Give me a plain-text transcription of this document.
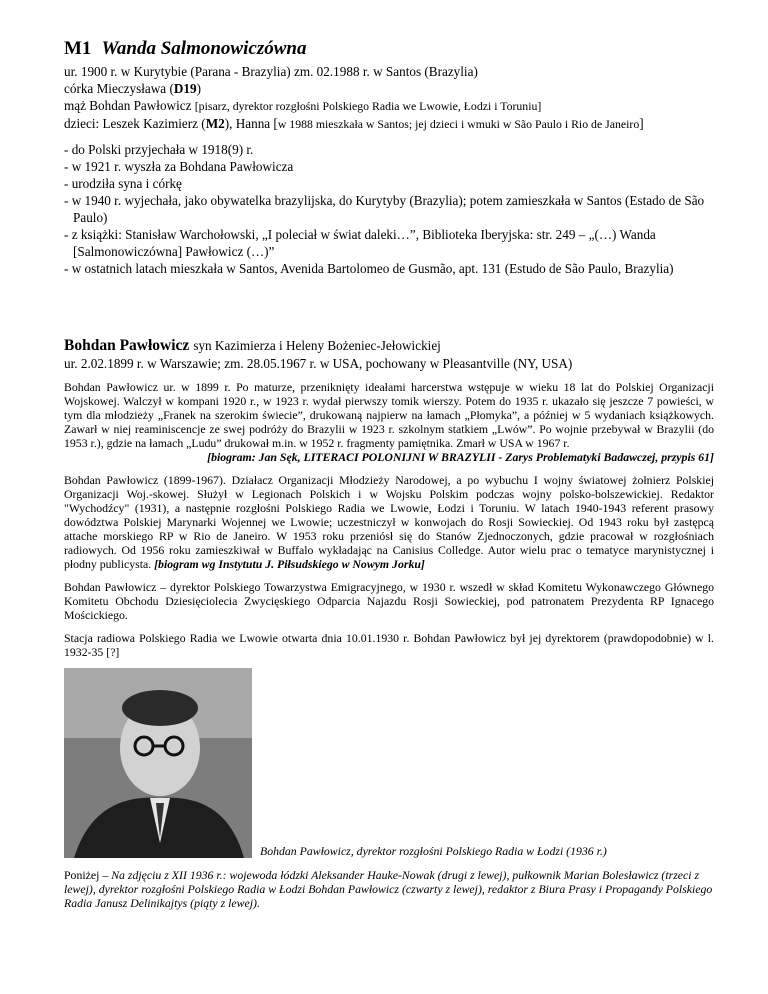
M1 Wanda Salmonowiczówna
ur. 1900 r. w Kurytybie (Parana - Brazylia) zm. 02.1988 r. w Santos (Brazylia)
córka Mieczysława (D19)
mąż Bohdan Pawłowicz [pisarz, dyrektor rozgłośni Polskiego Radia we Lwowie, Łodzi i Toruniu]
dzieci: Leszek Kazimierz (M2), Hanna [w 1988 mieszkała w Santos; jej dzieci i wmuki w São Paulo i Rio de Janeiro]
- do Polski przyjechała w 1918(9) r.
- w 1921 r. wyszła za Bohdana Pawłowicza
- urodziła syna i córkę
- w 1940 r. wyjechała, jako obywatelka brazylijska, do Kurytyby (Brazylia); potem zamieszkała w Santos (Estado de São Paulo)
- z książki: Stanisław Warchołowski, „I poleciał w świat daleki…”, Biblioteka Iberyjska: str. 249 – „(…) Wanda [Salmonowiczówna] Pawłowicz (…)”
- w ostatnich latach mieszkała w Santos, Avenida Bartolomeo de Gusmão, apt. 131 (Estudo de São Paulo, Brazylia)
Bohdan Pawłowicz syn Kazimierza i Heleny Bożeniec-Jełowickiej
ur. 2.02.1899 r. w Warszawie; zm. 28.05.1967 r. w USA, pochowany w Pleasantville (NY, USA)

Bohdan Pawłowicz ur. w 1899 r. Po maturze, przeniknięty ideałami harcerstwa wstępuje w wieku 18 lat do Polskiej Organizacji Wojskowej. Walczył w kompani 1920 r., w 1923 r. wydał pierwszy tomik wierszy. Potem do 1935 r. ukazało się jeszcze 7 powieści, w tym dla młodzieży „Franek na szerokim świecie”, drukowaną najpierw na łamach „Płomyka”, a później w 5 wydaniach książkowych. Zawarł w niej reaminiscencje ze swej podróży do Brazylii w 1923 r. szkolnym statkiem „Lwów”. Po wojnie przebywał w Brazylii (do 1953 r.), gdzie na łamach „Ludu” drukował m.in. w 1952 r. fragmenty pamiętnika. Zmarł w USA w 1967 r.
[biogram: Jan Sęk, LITERACI POLONIJNI W BRAZYLII - Zarys Problematyki Badawczej, przypis 61]

Bohdan Pawłowicz (1899-1967). Działacz Organizacji Młodzieży Narodowej, a po wybuchu I wojny światowej żołnierz Polskiej Organizacji Woj.-skowej. Służył w Legionach Polskich i w Wojsku Polskim podczas wojny polsko-bolszewickiej. Redaktor "Wychodźcy" (1931), a następnie rozgłośni Polskiego Radia we Lwowie, Łodzi i Toruniu. W latach 1940-1943 referent prasowy dowództwa Polskiej Marynarki Wojennej we Lwowie; uczestniczył w konwojach do Rosji Sowieckiej. Od 1943 roku był zastępcą attache morskiego RP w Rio de Janeiro. W 1953 roku przeniósł się do Stanów Zjednoczonych, gdzie pracował w rozgłośniach radiowych. Od 1956 roku zamieszkiwał w Buffalo wykładając na Canisius Colledge. Autor wielu prac o tematyce marynistycznej i płodny publicysta. [biogram wg Instytutu J. Piłsudskiego w Nowym Jorku]

Bohdan Pawłowicz – dyrektor Polskiego Towarzystwa Emigracyjnego, w 1930 r. wszedł w skład Komitetu Wykonawczego Głównego Komitetu Obchodu Dziesięciolecia Zwycięskiego Odparcia Najazdu Rosji Sowieckiej, pod patronatem Prezydenta RP Ignacego Mościckiego.

Stacja radiowa Polskiego Radia we Lwowie otwarta dnia 10.01.1930 r. Bohdan Pawłowicz był jej dyrektorem (prawdopodobnie) w l. 1932-35 [?]

Bohdan Pawłowicz, dyrektor rozgłośni Polskiego Radia w Łodzi (1936 r.)
Poniżej – Na zdjęciu z XII 1936 r.: wojewoda łódzki Aleksander Hauke-Nowak (drugi z lewej), pułkownik Marian Bolesławicz (trzeci z lewej), dyrektor rozgłośni Polskiego Radia w Łodzi Bohdan Pawłowicz (czwarty z lewej), redaktor z Biura Prasy i Propagandy Polskiego Radia Janusz Delinikajtys (piąty z lewej).
